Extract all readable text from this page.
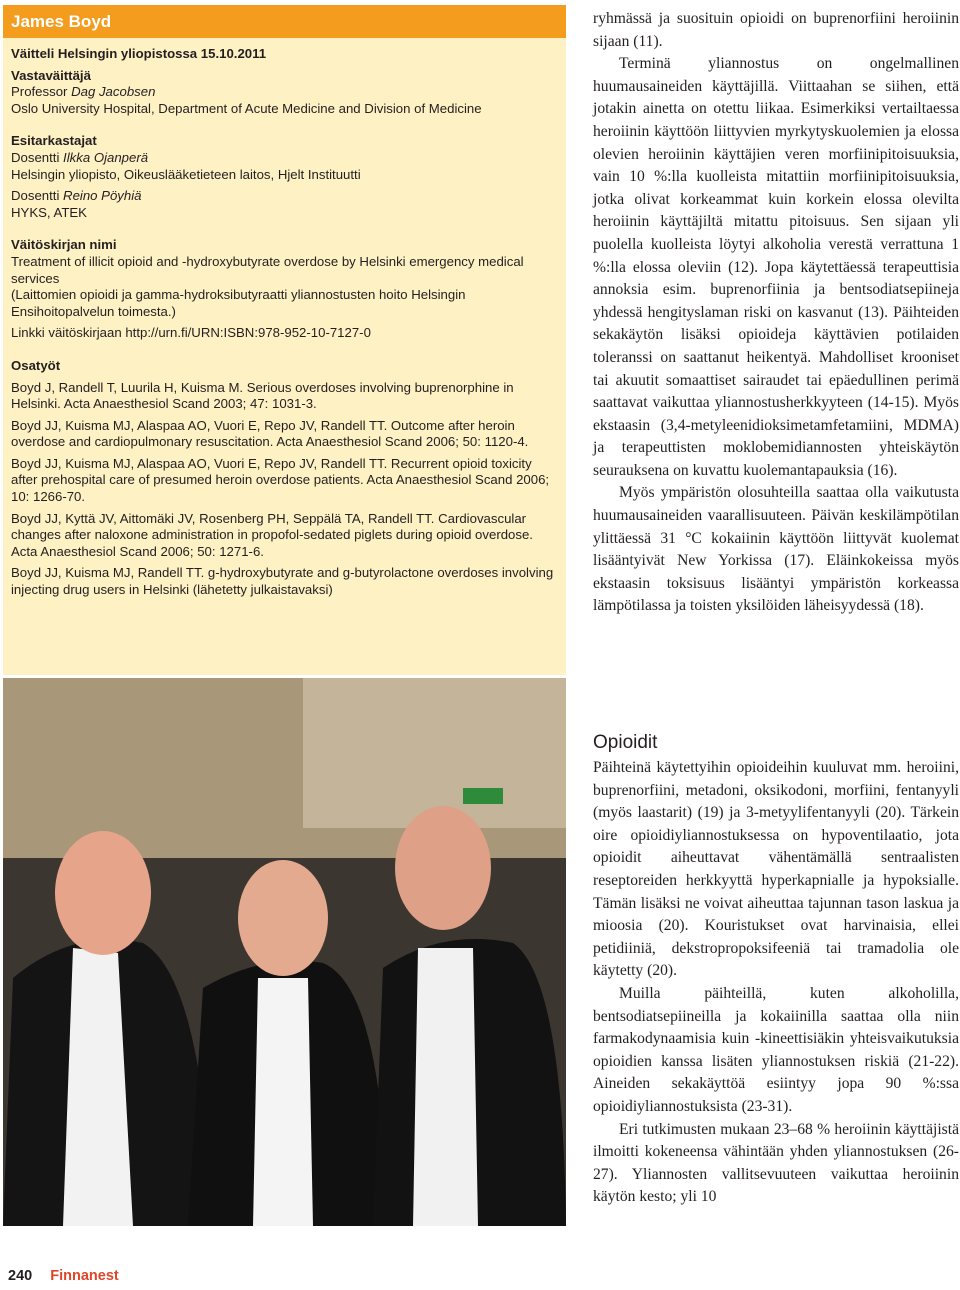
James Boyd
Väitteli Helsingin yliopistossa 15.10.2011
Vastaväittäjä
Professor Dag Jacobsen
Oslo University Hospital, Department of Acute Medicine and Division of Medicine
Esitarkastajat
Dosentti Ilkka Ojanperä
Helsingin yliopisto, Oikeuslääketieteen laitos, Hjelt Instituutti
Dosentti Reino Pöyhiä
HYKS, ATEK
Väitöskirjan nimi
Treatment of illicit opioid and -hydroxybutyrate overdose by Helsinki emergency medical services
(Laittomien opioidi ja gamma-hydroksibutyraatti yliannostusten hoito Helsingin Ensihoitopalvelun toimesta.)
Linkki väitöskirjaan http://urn.fi/URN:ISBN:978-952-10-7127-0
Osatyöt
Boyd J, Randell T, Luurila H, Kuisma M. Serious overdoses involving buprenorphine in Helsinki. Acta Anaesthesiol Scand 2003; 47: 1031-3.
Boyd JJ, Kuisma MJ, Alaspaa AO, Vuori E, Repo JV, Randell TT. Outcome after heroin overdose and cardiopulmonary resuscitation. Acta Anaesthesiol Scand 2006; 50: 1120-4.
Boyd JJ, Kuisma MJ, Alaspaa AO, Vuori E, Repo JV, Randell TT. Recurrent opioid toxicity after prehospital care of presumed heroin overdose patients. Acta Anaesthesiol Scand 2006; 10: 1266-70.
Boyd JJ, Kyttä JV, Aittomäki JV, Rosenberg PH, Seppälä TA, Randell TT. Cardiovascular changes after naloxone administration in propofol-sedated piglets during opioid overdose. Acta Anaesthesiol Scand 2006; 50: 1271-6.
Boyd JJ, Kuisma MJ, Randell TT. g-hydroxybutyrate and g-butyrolactone overdoses involving injecting drug users in Helsinki (lähetetty julkaistavaksi)

ryhmässä ja suosituin opioidi on buprenorfiini heroiinin sijaan (11).

Terminä yliannostus on ongelmallinen huumausaineiden käyttäjillä. Viittaahan se siihen, että jotakin ainetta on otettu liikaa. Esimerkiksi vertailtaessa heroiinin käyttöön liittyvien myrkytyskuolemien ja elossa olevien heroiinin käyttäjien veren morfiinipitoisuuksia, vain 10 %:lla kuolleista mitattiin morfiinipitoisuuksia, jotka olivat korkeammat kuin korkein elossa olevilta heroiinin käyttäjiltä mitattu pitoisuus. Sen sijaan yli puolella kuolleista löytyi alkoholia verestä verrattuna 1 %:lla elossa oleviin (12). Jopa käytettäessä terapeuttisia annoksia esim. buprenorfiinia ja bentsodiatsepiineja yhdessä hengityslaman riski on kasvanut (13). Päihteiden sekakäytön lisäksi opioideja käyttävien potilaiden toleranssi on saattanut heikentyä. Mahdolliset krooniset tai akuutit somaattiset sairaudet tai epäedullinen perimä saattavat vaikuttaa yliannostusherkkyyteen (14-15). Myös ekstaasin (3,4-metyleenidioksimetamfetamiini, MDMA) ja terapeuttisten moklobemidiannosten yhteiskäytön seurauksena on kuvattu kuolemantapauksia (16).

Myös ympäristön olosuhteilla saattaa olla vaikutusta huumausaineiden vaarallisuuteen. Päivän keskilämpötilan ylittäessä 31 °C kokaiinin käyttöön liittyvät kuolemat lisääntyivät New Yorkissa (17). Eläinkokeissa myös ekstaasin toksisuus lisääntyi ympäristön korkeassa lämpötilassa ja toisten yksilöiden läheisyydessä (18).

Opioidit

Päihteinä käytettyihin opioideihin kuuluvat mm. heroiini, buprenorfiini, metadoni, oksikodoni, morfiini, fentanyyli (myös laastarit) (19) ja 3-metyylifentanyyli (20). Tärkein oire opioidiyliannostuksessa on hypoventilaatio, jota opioidit aiheuttavat vähentämällä sentraalisten reseptoreiden herkkyyttä hyperkapnialle ja hypoksialle. Tämän lisäksi ne voivat aiheuttaa tajunnan tason laskua ja mioosia (20). Kouristukset ovat harvinaisia, ellei petidiiniä, dekstropropoksifeeniä tai tramadolia ole käytetty (20).

Muilla päihteillä, kuten alkoholilla, bentsodiatsepiineilla ja kokaiinilla saattaa olla niin farmakodynaamisia kuin -kineettisiäkin yhteisvaikutuksia opioidien kanssa lisäten yliannostuksen riskiä (21-22). Aineiden sekakäyttöä esiintyy jopa 90 %:ssa opioidiyliannostuksista (23-31).

Eri tutkimusten mukaan 23–68 % heroiinin käyttäjistä ilmoitti kokeneensa vähintään yhden yliannostuksen (26-27). Yliannosten vallitsevuuteen vaikuttaa heroiinin käytön kesto; yli 10

240 Finnanest
